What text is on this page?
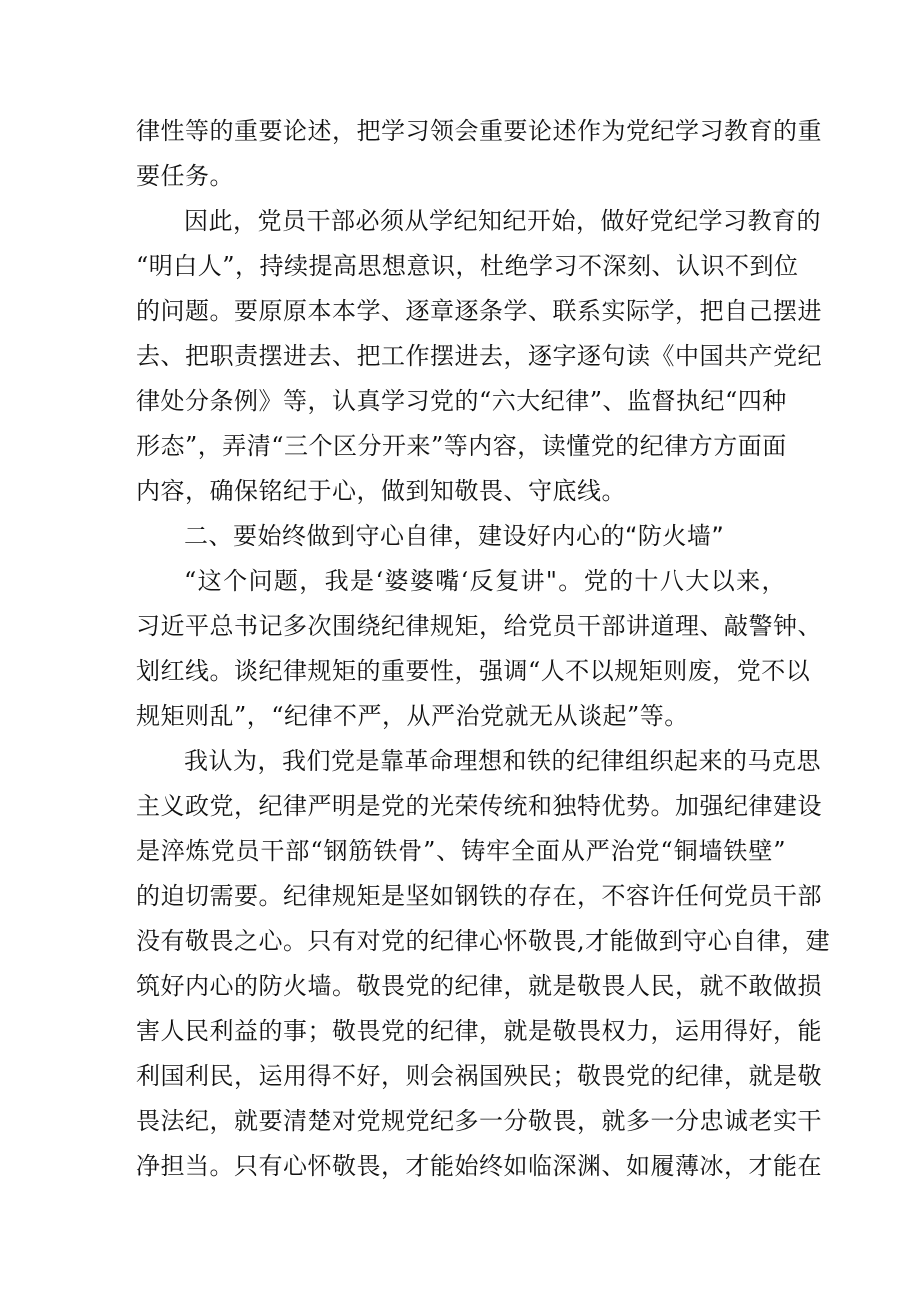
律性等的重要论述，把学习领会重要论述作为党纪学习教育的重
要任务。
因此，党员干部必须从学纪知纪开始，做好党纪学习教育的
“明白人”，持续提高思想意识，杜绝学习不深刻、认识不到位
的问题。要原原本本学、逐章逐条学、联系实际学，把自己摆进
去、把职责摆进去、把工作摆进去，逐字逐句读《中国共产党纪
律处分条例》等，认真学习党的“六大纪律”、监督执纪“四种
形态”，弄清“三个区分开来”等内容，读懂党的纪律方方面面
内容，确保铭纪于心，做到知敬畏、守底线。
二、要始终做到守心自律，建设好内心的“防火墙”
“这个问题，我是‘婆婆嘴‘反复讲"。党的十八大以来，
习近平总书记多次围绕纪律规矩，给党员干部讲道理、敲警钟、
划红线。谈纪律规矩的重要性，强调“人不以规矩则废，党不以
规矩则乱”，“纪律不严，从严治党就无从谈起”等。
我认为，我们党是靠革命理想和铁的纪律组织起来的马克思
主义政党，纪律严明是党的光荣传统和独特优势。加强纪律建设
是淬炼党员干部“钢筋铁骨”、铸牢全面从严治党“铜墙铁壁”
的迫切需要。纪律规矩是坚如钢铁的存在，不容许任何党员干部
没有敬畏之心。只有对党的纪律心怀敬畏,才能做到守心自律，建
筑好内心的防火墙。敬畏党的纪律，就是敬畏人民，就不敢做损
害人民利益的事；敬畏党的纪律，就是敬畏权力，运用得好，能
利国利民，运用得不好，则会祸国殃民；敬畏党的纪律，就是敬
畏法纪，就要清楚对党规党纪多一分敬畏，就多一分忠诚老实干
净担当。只有心怀敬畏，才能始终如临深渊、如履薄冰，才能在
